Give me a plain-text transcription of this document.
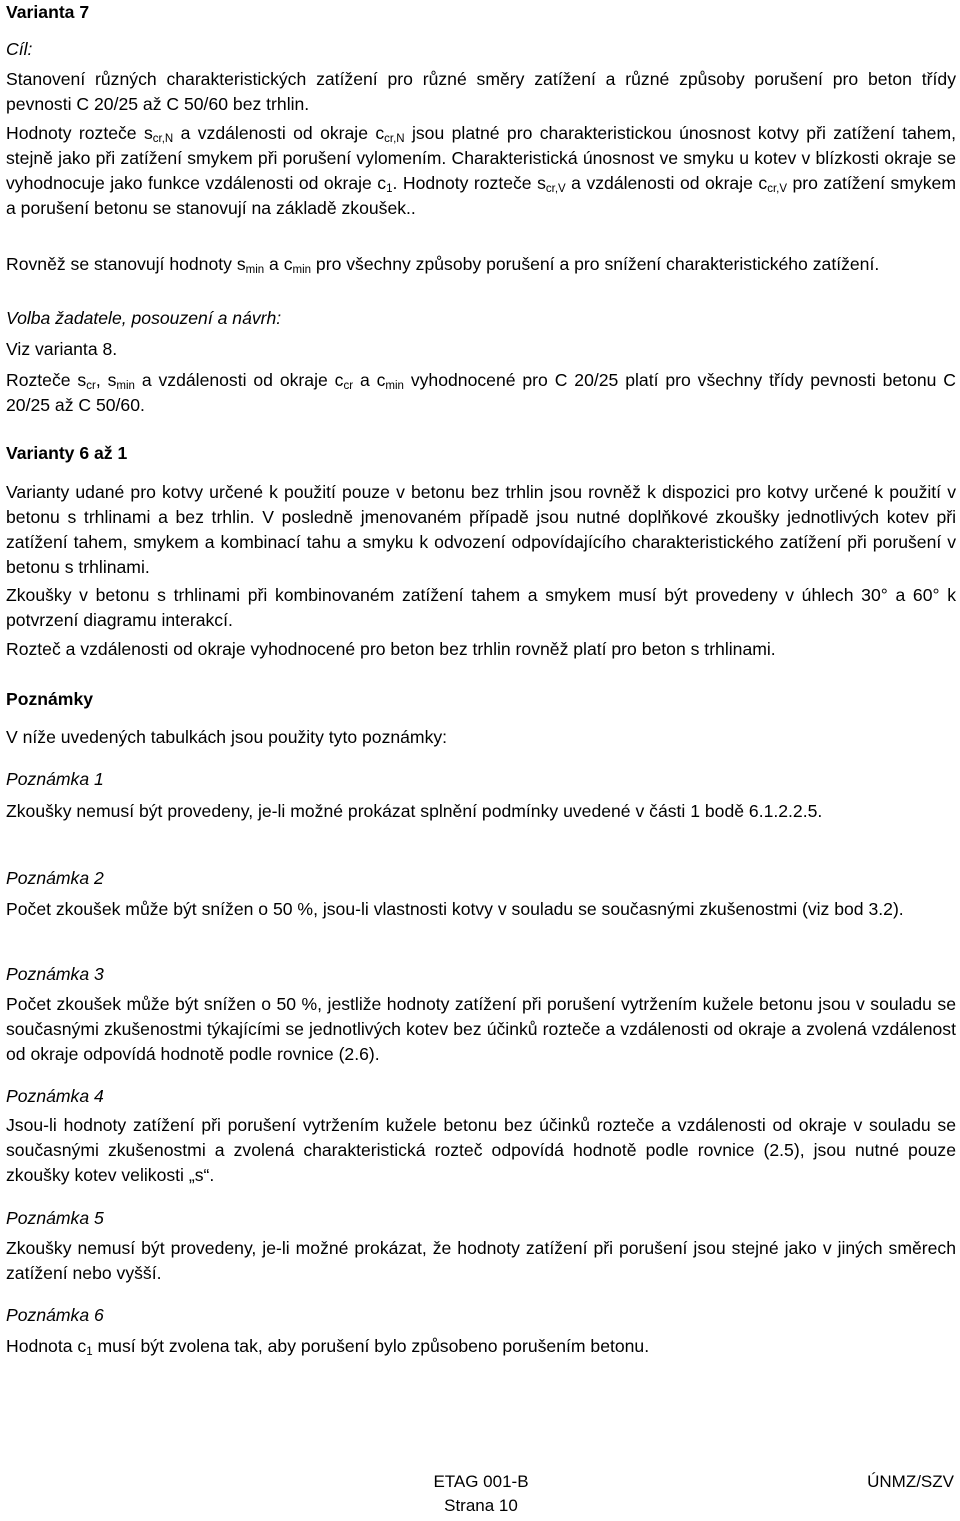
Varianta 7
Cíl:

Stanovení různých charakteristických zatížení pro různé směry zatížení a různé způsoby porušení pro beton třídy pevnosti C 20/25 až C 50/60 bez trhlin.

Hodnoty rozteče $s_{cr,N}$ a vzdálenosti od okraje $c_{cr,N}$ jsou platné pro charakteristickou únosnost kotvy při zatížení tahem, stejně jako při zatížení smykem při porušení vylomením. Charakteristická únosnost ve smyku u kotev v blízkosti okraje se vyhodnocuje jako funkce vzdálenosti od okraje $c_1$. Hodnoty rozteče $s_{cr,V}$ a vzdálenosti od okraje $c_{cr,V}$ pro zatížení smykem a porušení betonu se stanovují na základě zkoušek..

Rovněž se stanovují hodnoty $s_{min}$ a $c_{min}$ pro všechny způsoby porušení a pro snížení charakteristického zatížení.

Volba žadatele, posouzení a návrh:
Viz varianta 8.

Rozteče $s_{cr}$, $s_{min}$ a vzdálenosti od okraje $c_{cr}$ a $c_{min}$ vyhodnocené pro C 20/25 platí pro všechny třídy pevnosti betonu C 20/25 až C 50/60.

Varianty 6 až 1

Varianty udané pro kotvy určené k použití pouze v betonu bez trhlin jsou rovněž k dispozici pro kotvy určené k použití v betonu s trhlinami a bez trhlin. V posledně jmenovaném případě jsou nutné doplňkové zkoušky jednotlivých kotev při zatížení tahem, smykem a kombinací tahu a smyku k odvození odpovídajícího charakteristického zatížení při porušení v betonu s trhlinami.

Zkoušky v betonu s trhlinami při kombinovaném zatížení tahem a smykem musí být provedeny v úhlech 30° a 60° k potvrzení diagramu interakcí.

Rozteč a vzdálenosti od okraje vyhodnocené pro beton bez trhlin rovněž platí pro beton s trhlinami.

Poznámky
V níže uvedených tabulkách jsou použity tyto poznámky:
Poznámka 1

Zkoušky nemusí být provedeny, je-li možné prokázat splnění podmínky uvedené v části 1 bodě 6.1.2.2.5.

Poznámka 2

Počet zkoušek může být snížen o 50 %, jsou-li vlastnosti kotvy v souladu se současnými zkušenostmi (viz bod 3.2).

Poznámka 3

Počet zkoušek může být snížen o 50 %, jestliže hodnoty zatížení při porušení vytržením kužele betonu jsou v souladu se současnými zkušenostmi týkajícími se jednotlivých kotev bez účinků rozteče a vzdálenosti od okraje a zvolená vzdálenost od okraje odpovídá hodnotě podle rovnice (2.6).

Poznámka 4

Jsou-li hodnoty zatížení při porušení vytržením kužele betonu bez účinků rozteče a vzdálenosti od okraje v souladu se současnými zkušenostmi a zvolená charakteristická rozteč odpovídá hodnotě podle rovnice (2.5), jsou nutné pouze zkoušky kotev velikosti „s“.

Poznámka 5

Zkoušky nemusí být provedeny, je-li možné prokázat, že hodnoty zatížení při porušení jsou stejné jako v jiných směrech zatížení nebo vyšší.

Poznámka 6

Hodnota $c_1$ musí být zvolena tak, aby porušení bylo způsobeno porušením betonu.

ETAG 001-B
Strana 10
ÚNMZ/SZV
